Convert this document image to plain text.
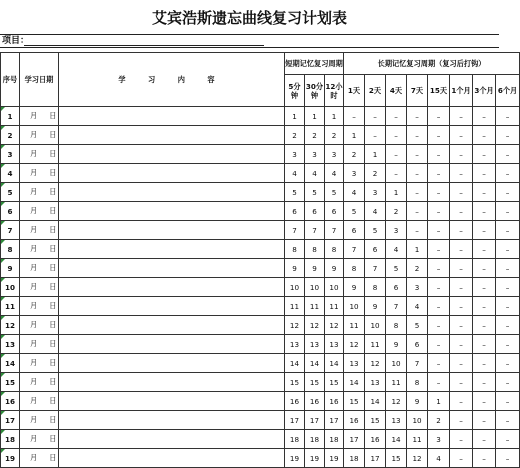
艾宾浩斯遗忘曲线复习计划表
项目：
序号	学习日期	学 习 内 容	短期记忆复习周期			长期记忆复习周期（复习后打钩）							
			5分钟	30分钟	12小时	1天	2天	4天	7天	15天	1个月	3个月	6个月
1	月 日		1	1	1	–	–	–	–	–	–	–	–
2	月 日		2	2	2	1	–	–	–	–	–	–	–
3	月 日		3	3	3	2	1	–	–	–	–	–	–
4	月 日		4	4	4	3	2	–	–	–	–	–	–
5	月 日		5	5	5	4	3	1	–	–	–	–	–
6	月 日		6	6	6	5	4	2	–	–	–	–	–
7	月 日		7	7	7	6	5	3	–	–	–	–	–
8	月 日		8	8	8	7	6	4	1	–	–	–	–
9	月 日		9	9	9	8	7	5	2	–	–	–	–
10	月 日		10	10	10	9	8	6	3	–	–	–	–
11	月 日		11	11	11	10	9	7	4	–	–	–	–
12	月 日		12	12	12	11	10	8	5	–	–	–	–
13	月 日		13	13	13	12	11	9	6	–	–	–	–
14	月 日		14	14	14	13	12	10	7	–	–	–	–
15	月 日		15	15	15	14	13	11	8	–	–	–	–
16	月 日		16	16	16	15	14	12	9	1	–	–	–
17	月 日		17	17	17	16	15	13	10	2	–	–	–
18	月 日		18	18	18	17	16	14	11	3	–	–	–
19	月 日		19	19	19	18	17	15	12	4	–	–	–
